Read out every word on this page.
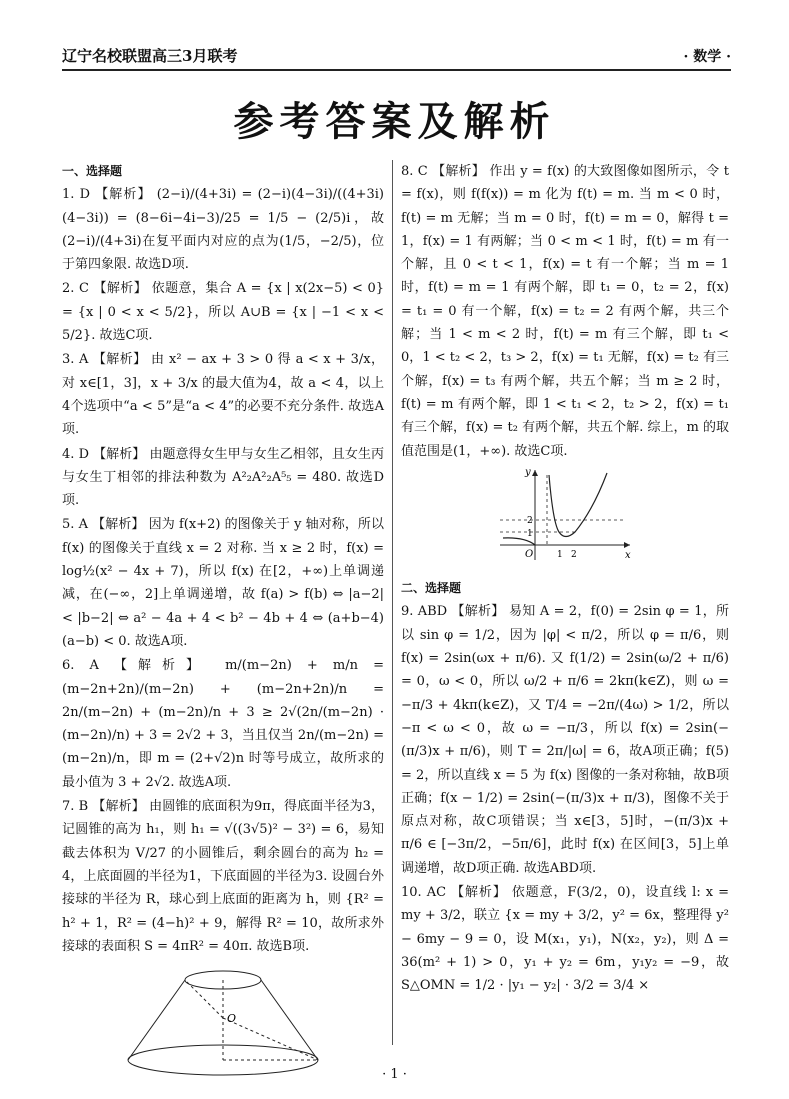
辽宁名校联盟高三3月联考	· 数学 ·
参考答案及解析

一、选择题

1. D 【解析】 (2−i)/(4+3i) = (2−i)(4−3i)/((4+3i)(4−3i)) = (8−6i−4i−3)/25 = 1/5 − (2/5)i，故(2−i)/(4+3i)在复平面内对应的点为(1/5，−2/5)，位于第四象限. 故选D项.

2. C 【解析】 依题意，集合 A = {x | x(2x−5) < 0} = {x | 0 < x < 5/2}，所以 A∪B = {x | −1 < x < 5/2}. 故选C项.

3. A 【解析】 由 x² − ax + 3 > 0 得 a < x + 3/x，对 x∈[1，3]，x + 3/x 的最大值为4，故 a < 4，以上4个选项中“a < 5”是“a < 4”的必要不充分条件. 故选A项.

4. D 【解析】 由题意得女生甲与女生乙相邻，且女生丙与女生丁相邻的排法种数为 A²₂A²₂A⁵₅ = 480. 故选D项.

5. A 【解析】 因为 f(x+2) 的图像关于 y 轴对称，所以 f(x) 的图像关于直线 x = 2 对称. 当 x ≥ 2 时，f(x) = log½(x² − 4x + 7)，所以 f(x) 在[2，+∞)上单调递减，在(−∞，2]上单调递增，故 f(a) > f(b) ⇔ |a−2| < |b−2| ⇔ a² − 4a + 4 < b² − 4b + 4 ⇔ (a+b−4)(a−b) < 0. 故选A项.

6. A 【解析】 m/(m−2n) + m/n = (m−2n+2n)/(m−2n) + (m−2n+2n)/n = 2n/(m−2n) + (m−2n)/n + 3 ≥ 2√(2n/(m−2n) · (m−2n)/n) + 3 = 2√2 + 3，当且仅当 2n/(m−2n) = (m−2n)/n，即 m = (2+√2)n 时等号成立，故所求的最小值为 3 + 2√2. 故选A项.

7. B 【解析】 由圆锥的底面积为9π，得底面半径为3，记圆锥的高为 h₁，则 h₁ = √((3√5)² − 3²) = 6，易知截去体积为 V/27 的小圆锥后，剩余圆台的高为 h₂ = 4，上底面圆的半径为1，下底面圆的半径为3. 设圆台外接球的半径为 R，球心到上底面的距离为 h，则 {R² = h² + 1，R² = (4−h)² + 9，解得 R² = 10，故所求外接球的表面积 S = 4πR² = 40π. 故选B项.

O

8. C 【解析】 作出 y = f(x) 的大致图像如图所示，令 t = f(x)，则 f(f(x)) = m 化为 f(t) = m. 当 m < 0 时，f(t) = m 无解；当 m = 0 时，f(t) = m = 0，解得 t = 1，f(x) = 1 有两解；当 0 < m < 1 时，f(t) = m 有一个解，且 0 < t < 1，f(x) = t 有一个解；当 m = 1 时，f(t) = m = 1 有两个解，即 t₁ = 0，t₂ = 2，f(x) = t₁ = 0 有一个解，f(x) = t₂ = 2 有两个解，共三个解；当 1 < m < 2 时，f(t) = m 有三个解，即 t₁ < 0，1 < t₂ < 2，t₃ > 2，f(x) = t₁ 无解，f(x) = t₂ 有三个解，f(x) = t₃ 有两个解，共五个解；当 m ≥ 2 时，f(t) = m 有两个解，即 1 < t₁ < 2，t₂ > 2，f(x) = t₁ 有三个解，f(x) = t₂ 有两个解，共五个解. 综上，m 的取值范围是(1，+∞). 故选C项.

y
x
O
1
2
1 2

二、选择题

9. ABD 【解析】 易知 A = 2，f(0) = 2sin φ = 1，所以 sin φ = 1/2，因为 |φ| < π/2，所以 φ = π/6，则 f(x) = 2sin(ωx + π/6). 又 f(1/2) = 2sin(ω/2 + π/6) = 0，ω < 0，所以 ω/2 + π/6 = 2kπ(k∈Z)，则 ω = −π/3 + 4kπ(k∈Z)，又 T/4 = −2π/(4ω) > 1/2，所以 −π < ω < 0，故 ω = −π/3，所以 f(x) = 2sin(−(π/3)x + π/6)，则 T = 2π/|ω| = 6，故A项正确；f(5) = 2，所以直线 x = 5 为 f(x) 图像的一条对称轴，故B项正确；f(x − 1/2) = 2sin(−(π/3)x + π/3)，图像不关于原点对称，故C项错误；当 x∈[3，5]时，−(π/3)x + π/6 ∈ [−3π/2，−5π/6]，此时 f(x) 在区间[3，5]上单调递增，故D项正确. 故选ABD项.

10. AC 【解析】 依题意，F(3/2，0)，设直线 l: x = my + 3/2，联立 {x = my + 3/2，y² = 6x，整理得 y² − 6my − 9 = 0，设 M(x₁，y₁)，N(x₂，y₂)，则 Δ = 36(m² + 1) > 0，y₁ + y₂ = 6m，y₁y₂ = −9，故 S△OMN = 1/2 · |y₁ − y₂| · 3/2 = 3/4 ×

· 1 ·
